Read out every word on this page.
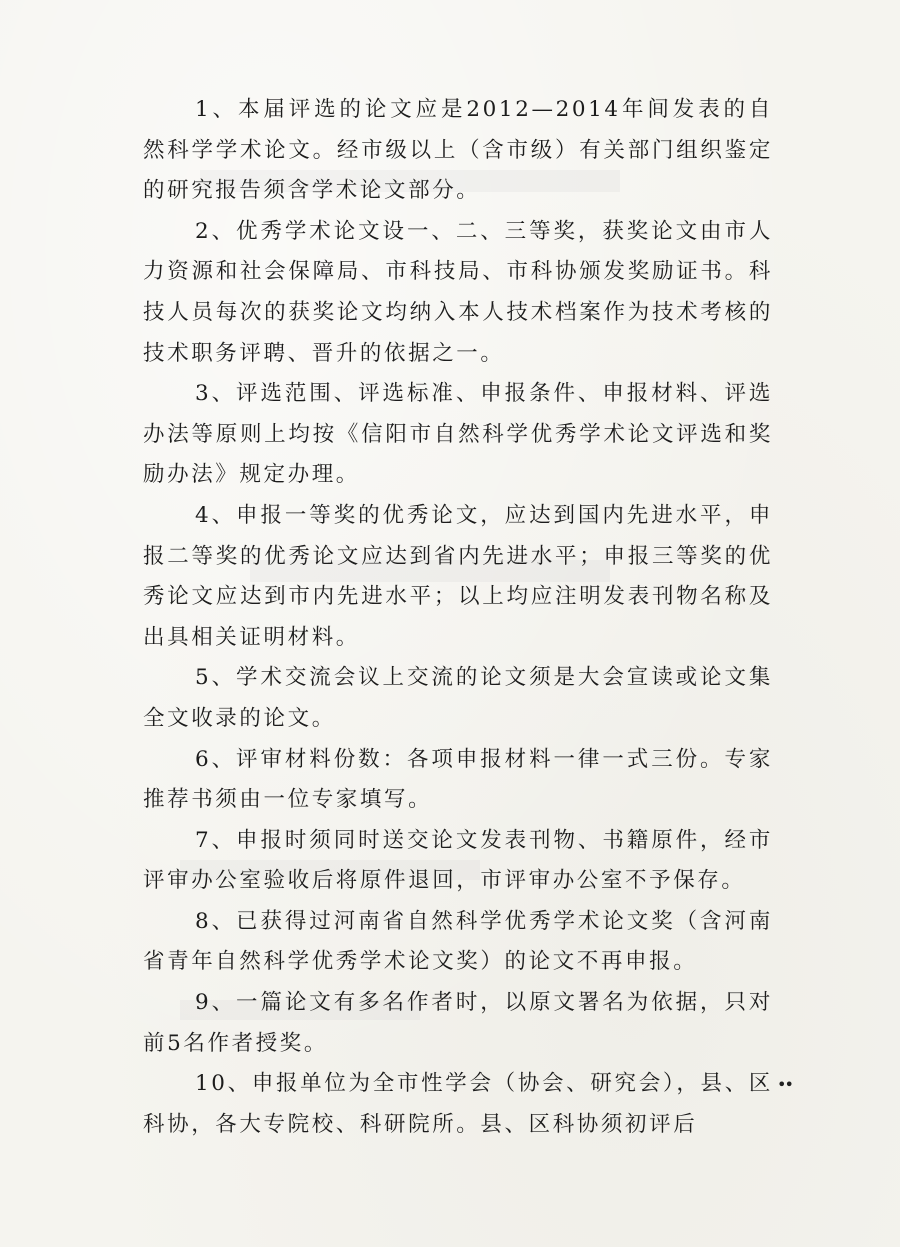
1、本届评选的论文应是2012—2014年间发表的自然科学学术论文。经市级以上（含市级）有关部门组织鉴定的研究报告须含学术论文部分。

2、优秀学术论文设一、二、三等奖，获奖论文由市人力资源和社会保障局、市科技局、市科协颁发奖励证书。科技人员每次的获奖论文均纳入本人技术档案作为技术考核的技术职务评聘、晋升的依据之一。

3、评选范围、评选标准、申报条件、申报材料、评选办法等原则上均按《信阳市自然科学优秀学术论文评选和奖励办法》规定办理。

4、申报一等奖的优秀论文，应达到国内先进水平，申报二等奖的优秀论文应达到省内先进水平；申报三等奖的优秀论文应达到市内先进水平；以上均应注明发表刊物名称及出具相关证明材料。

5、学术交流会议上交流的论文须是大会宣读或论文集全文收录的论文。

6、评审材料份数：各项申报材料一律一式三份。专家推荐书须由一位专家填写。

7、申报时须同时送交论文发表刊物、书籍原件，经市评审办公室验收后将原件退回，市评审办公室不予保存。

8、已获得过河南省自然科学优秀学术论文奖（含河南省青年自然科学优秀学术论文奖）的论文不再申报。

9、一篇论文有多名作者时，以原文署名为依据，只对前5名作者授奖。

10、申报单位为全市性学会（协会、研究会），县、区科协，各大专院校、科研院所。县、区科协须初评后

••
